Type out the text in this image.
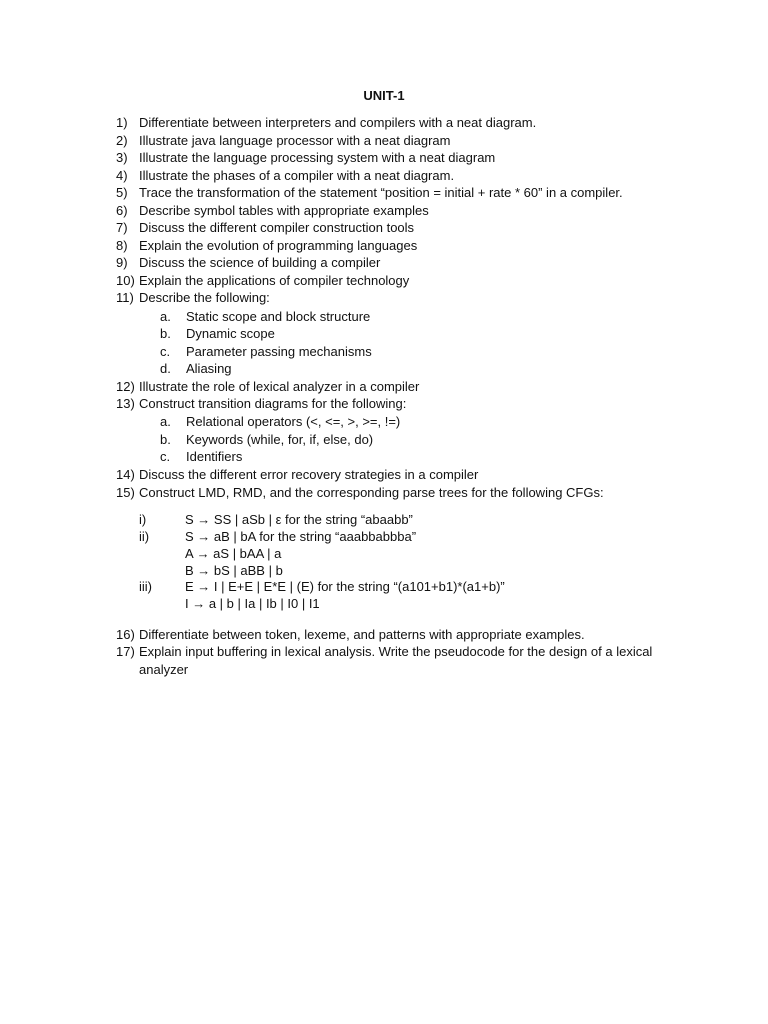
UNIT-1
1) Differentiate between interpreters and compilers with a neat diagram.
2) Illustrate java language processor with a neat diagram
3) Illustrate the language processing system with a neat diagram
4) Illustrate the phases of a compiler with a neat diagram.
5) Trace the transformation of the statement “position = initial + rate * 60” in a compiler.
6) Describe symbol tables with appropriate examples
7) Discuss the different compiler construction tools
8) Explain the evolution of programming languages
9) Discuss the science of building a compiler
10) Explain the applications of compiler technology
11) Describe the following:
a. Static scope and block structure
b. Dynamic scope
c. Parameter passing mechanisms
d. Aliasing
12) Illustrate the role of lexical analyzer in a compiler
13) Construct transition diagrams for the following:
a. Relational operators (<, <=, >, >=, !=)
b. Keywords (while, for, if, else, do)
c. Identifiers
14) Discuss the different error recovery strategies in a compiler
15) Construct LMD, RMD, and the corresponding parse trees for the following CFGs:
i)	S → SS | aSb | ε for the string “abaabb”
ii)	S → aB | bA for the string “aaabbabbba”
A → aS | bAA | a
B → bS | aBB | b
iii)	E → I | E+E | E*E | (E) for the string “(a101+b1)*(a1+b)”
I → a | b | Ia | Ib | I0 | I1
16) Differentiate between token, lexeme, and patterns with appropriate examples.
17) Explain input buffering in lexical analysis. Write the pseudocode for the design of a lexical analyzer
